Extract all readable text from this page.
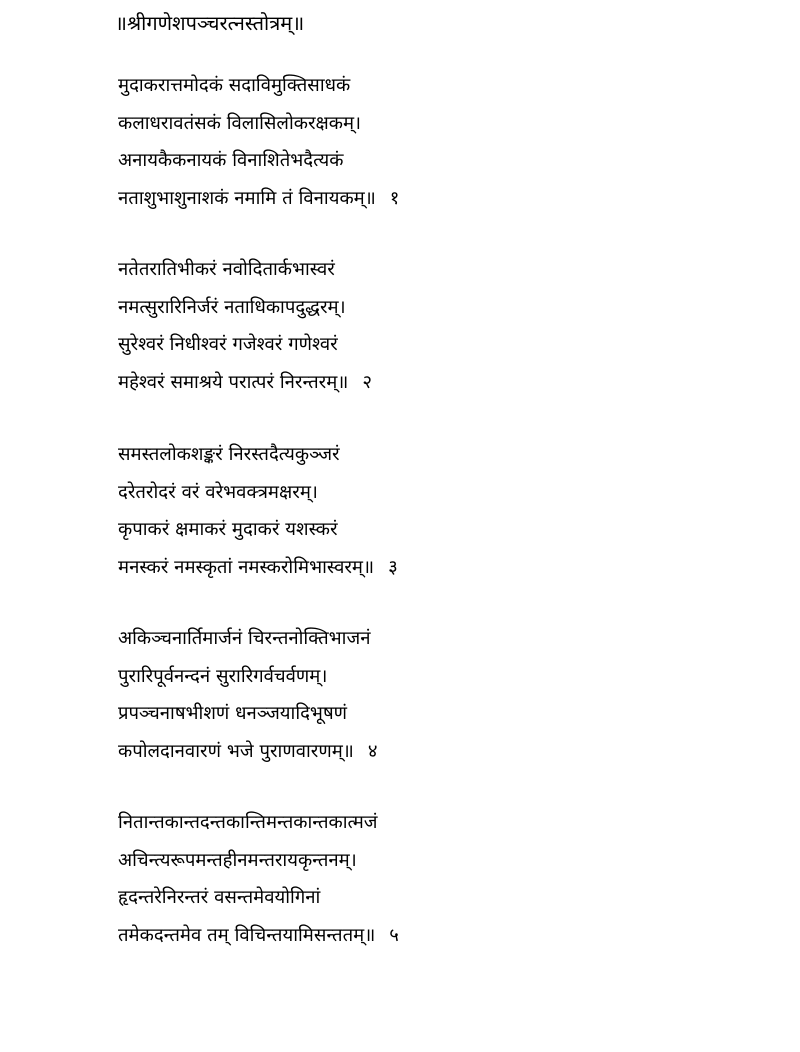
॥श्रीगणेशपञ्चरत्नस्तोत्रम्॥
मुदाकरात्तमोदकं सदाविमुक्तिसाधकं
कलाधरावतंसकं विलासिलोकरक्षकम्।
अनायकैकनायकं विनाशितेभदैत्यकं
नताशुभाशुनाशकं नमामि तं विनायकम्॥ १
नतेतरातिभीकरं नवोदितार्कभास्वरं
नमत्सुरारिनिर्जरं नताधिकापदुद्धरम्।
सुरेश्वरं निधीश्वरं गजेश्वरं गणेश्वरं
महेश्वरं समाश्रये परात्परं निरन्तरम्॥ २
समस्तलोकशङ्करं निरस्तदैत्यकुञ्जरं
दरेतरोदरं वरं वरेभवक्त्रमक्षरम्।
कृपाकरं क्षमाकरं मुदाकरं यशस्करं
मनस्करं नमस्कृतां नमस्करोमिभास्वरम्॥ ३
अकिञ्चनार्तिमार्जनं चिरन्तनोक्तिभाजनं
पुरारिपूर्वनन्दनं सुरारिगर्वचर्वणम्।
प्रपञ्चनाषभीशणं धनञ्जयादिभूषणं
कपोलदानवारणं भजे पुराणवारणम्॥ ४
नितान्तकान्तदन्तकान्तिमन्तकान्तकात्मजं
अचिन्त्यरूपमन्तहीनमन्तरायकृन्तनम्।
हृदन्तरेनिरन्तरं वसन्तमेवयोगिनां
तमेकदन्तमेव तम् विचिन्तयामिसन्ततम्॥ ५
